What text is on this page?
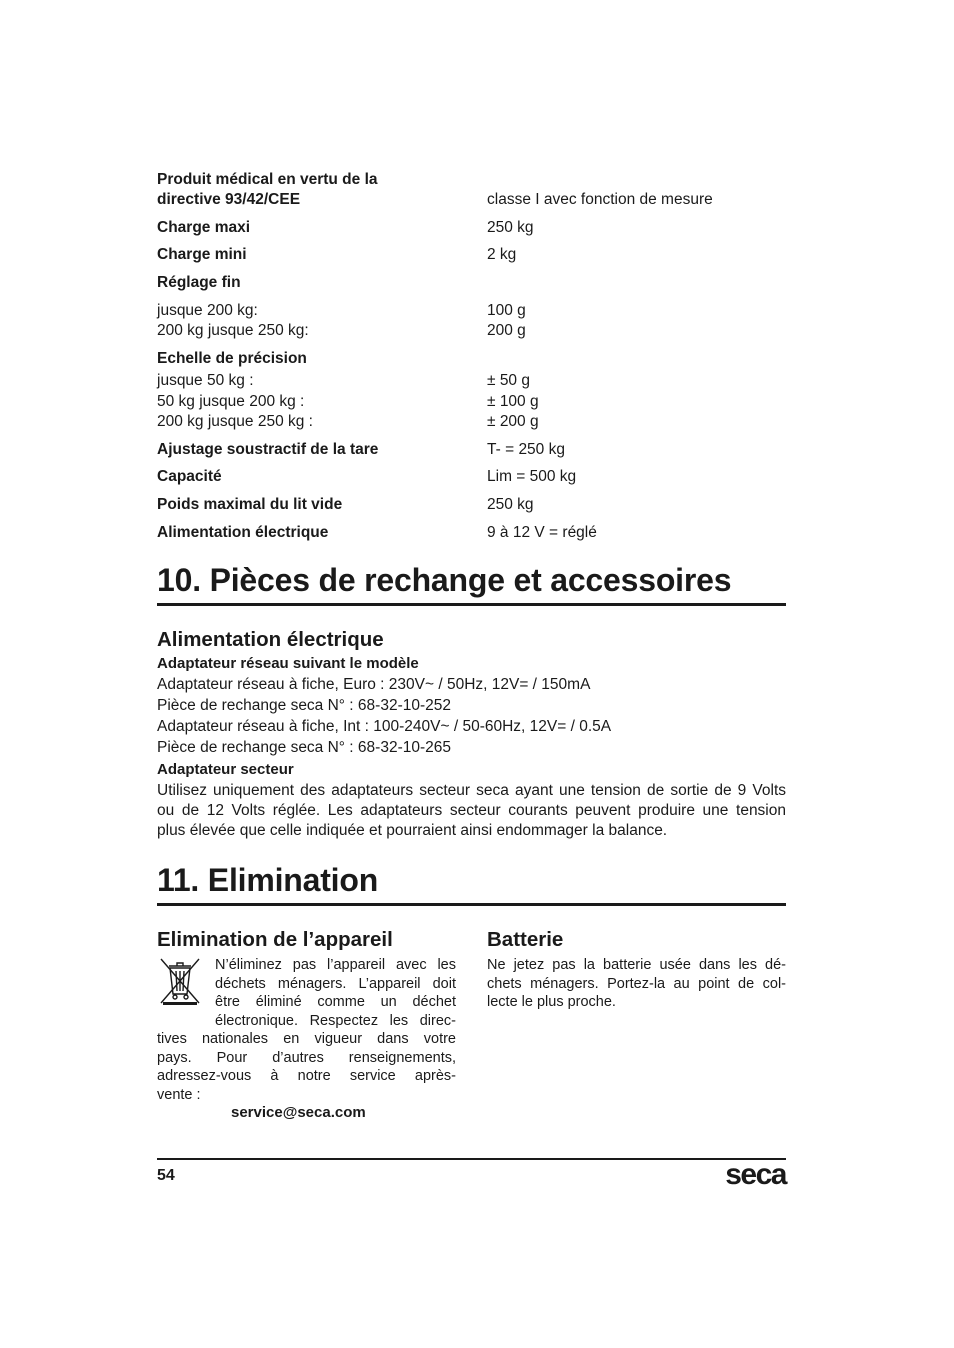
Produit médical en vertu de la
directive 93/42/CEE	classe I avec fonction de mesure
Charge maxi	250 kg
Charge mini	2 kg
Réglage fin
jusque 200 kg:	100 g
200 kg jusque 250 kg:	200 g
Echelle de précision
jusque 50 kg :	± 50 g
50 kg jusque 200 kg :	± 100 g
200 kg jusque 250 kg :	± 200 g
Ajustage soustractif de la tare	T- = 250 kg
Capacité	Lim = 500 kg
Poids maximal du lit vide	250 kg
Alimentation électrique	9 à 12 V = réglé
10. Pièces de rechange et accessoires
Alimentation électrique
Adaptateur réseau suivant le modèle
Adaptateur réseau à fiche, Euro : 230V~ / 50Hz, 12V= / 150mA
Pièce de rechange seca N° : 68-32-10-252
Adaptateur réseau à fiche, Int : 100-240V~ / 50-60Hz, 12V= / 0.5A
Pièce de rechange seca N° : 68-32-10-265
Adaptateur secteur
Utilisez uniquement des adaptateurs secteur seca ayant une tension de sortie de 9 Volts
ou de 12 Volts réglée. Les adaptateurs secteur courants peuvent produire une tension
plus élevée que celle indiquée et pourraient ainsi endommager la balance.
11. Elimination
Elimination de l’appareil
N’éliminez pas l’appareil avec les
déchets ménagers. L’appareil doit
être éliminé comme un déchet
électronique. Respectez les direc-
tives nationales en vigueur dans votre
pays. Pour d’autres renseignements,
adressez-vous à notre service après-
vente :
service@seca.com
Batterie
Ne jetez pas la batterie usée dans les dé-
chets ménagers. Portez-la au point de col-
lecte le plus proche.
54	seca
